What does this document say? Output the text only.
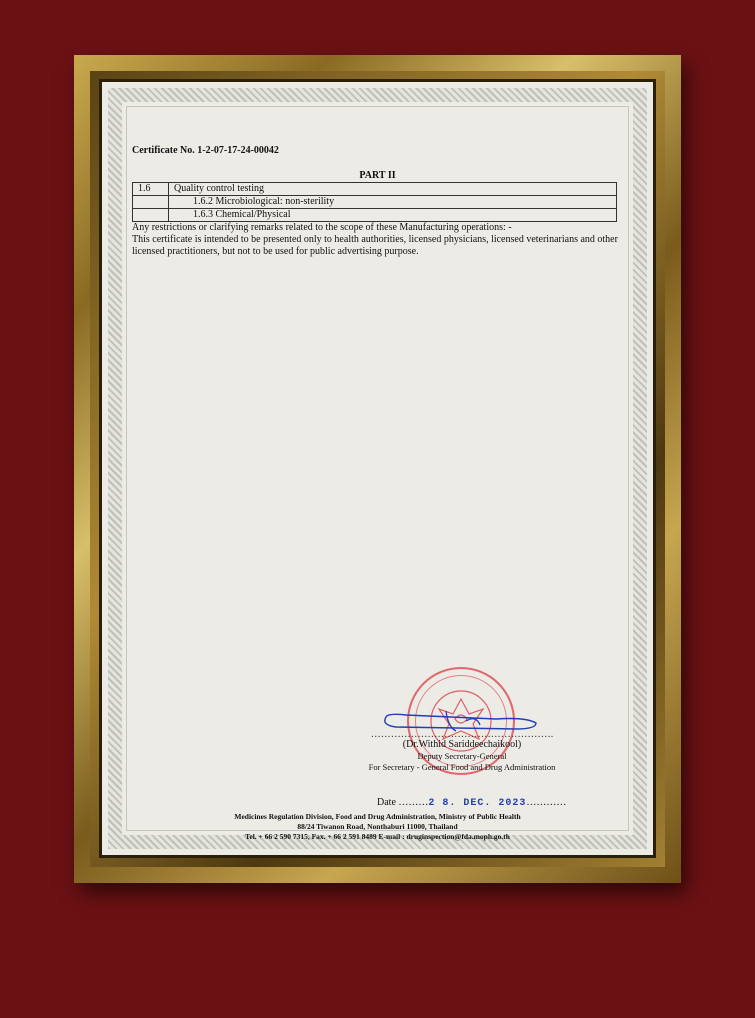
Certificate No. 1-2-07-17-24-00042
PART II
1.6	Quality control testing
	1.6.2 Microbiological: non-sterility
	1.6.3 Chemical/Physical
Any restrictions or clarifying remarks related to the scope of these Manufacturing operations: -
This certificate is intended to be presented only to health authorities, licensed physicians, licensed veterinarians and other licensed practitioners, but not to be used for public advertising purpose.
……………………………………………….
(Dr.Withid Sariddeechaikool)
Deputy Secretary-General
For Secretary - General Food and Drug Administration
Date ………2 8. DEC. 2023…………
Medicines Regulation Division, Food and Drug Administration, Ministry of Public Health
88/24 Tiwanon Road, Nonthaburi 11000, Thailand
Tel. + 66 2 590 7315, Fax. + 66 2 591 8489 E-mail : druginspection@fda.moph.go.th
